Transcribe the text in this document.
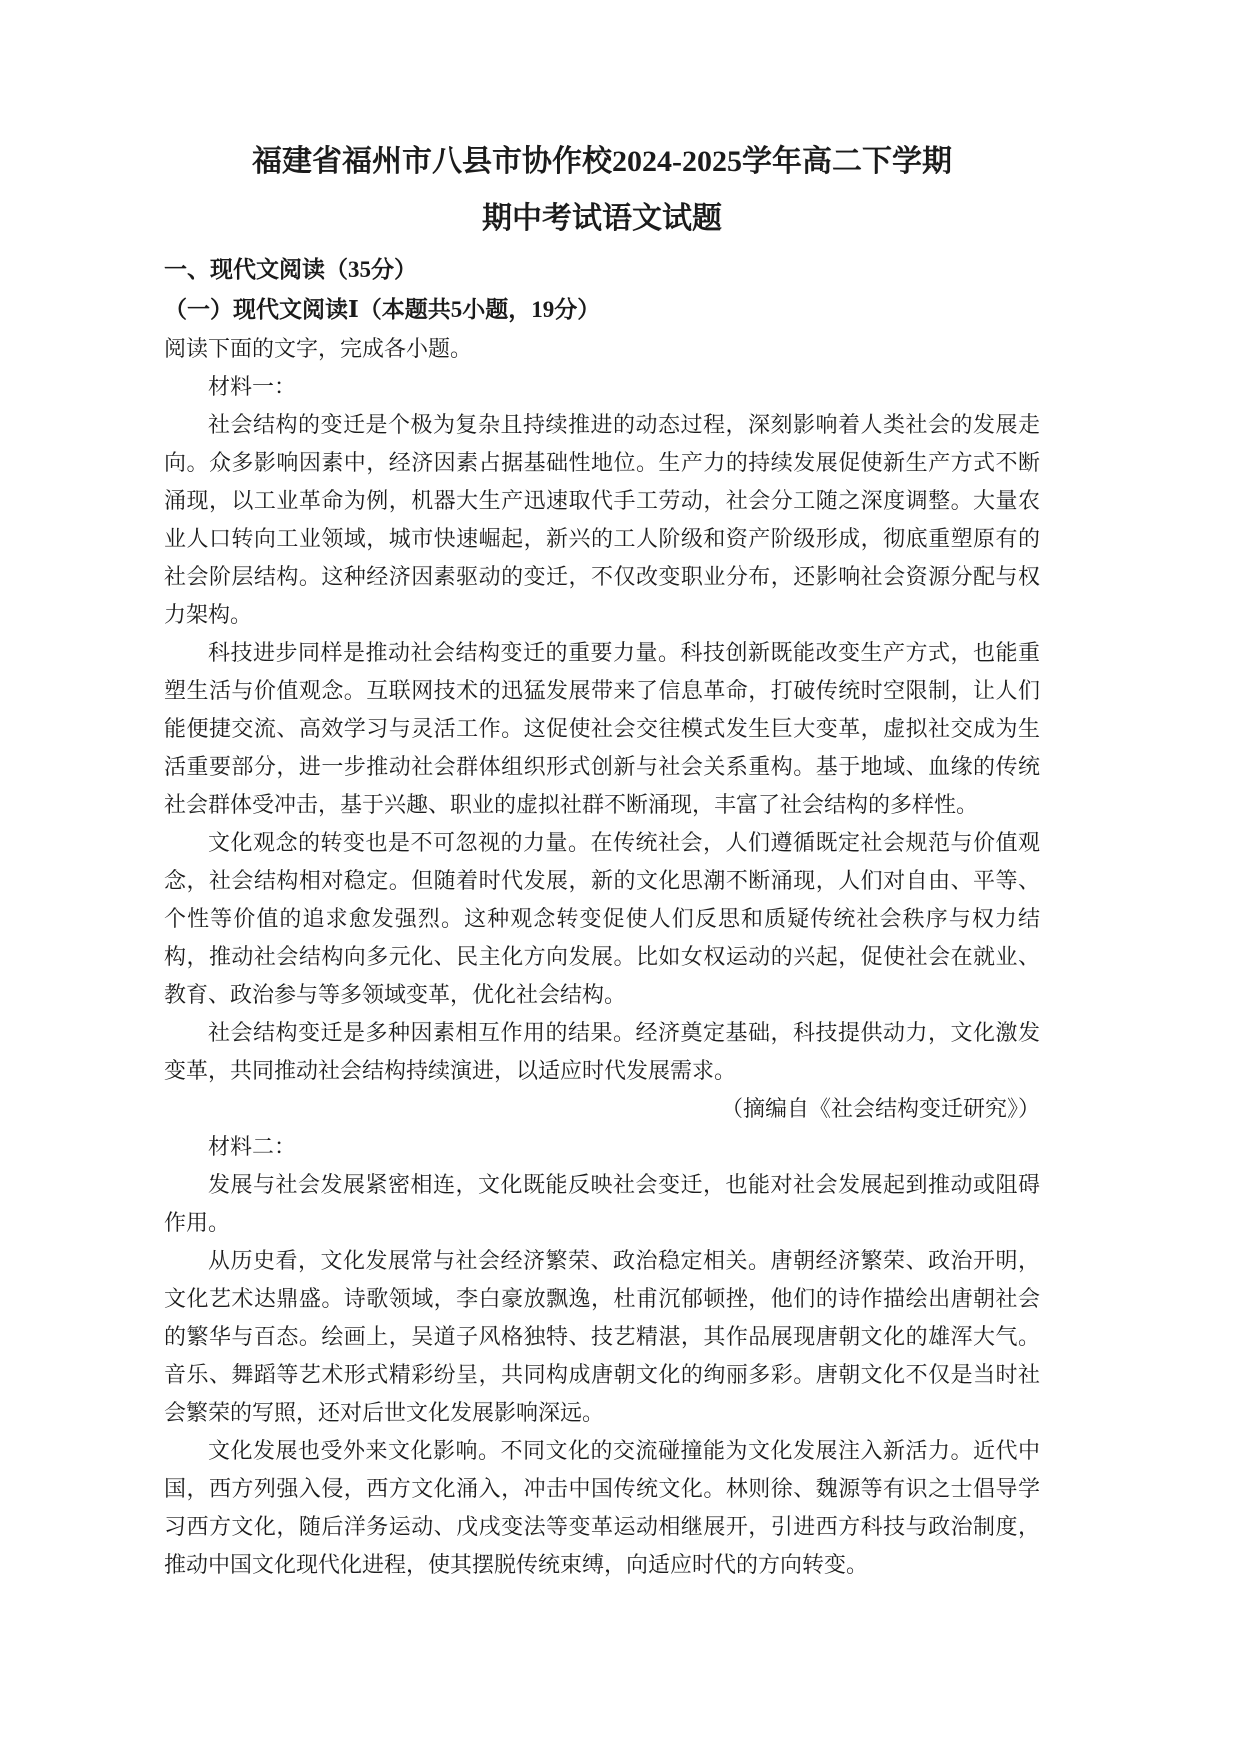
福建省福州市八县市协作校2024-2025学年高二下学期
期中考试语文试题
一、现代文阅读（35分）
（一）现代文阅读Ⅰ（本题共5小题，19分）

阅读下面的文字，完成各小题。

材料一：

社会结构的变迁是个极为复杂且持续推进的动态过程，深刻影响着人类社会的发展走向。众多影响因素中，经济因素占据基础性地位。生产力的持续发展促使新生产方式不断涌现，以工业革命为例，机器大生产迅速取代手工劳动，社会分工随之深度调整。大量农业人口转向工业领域，城市快速崛起，新兴的工人阶级和资产阶级形成，彻底重塑原有的社会阶层结构。这种经济因素驱动的变迁，不仅改变职业分布，还影响社会资源分配与权力架构。

科技进步同样是推动社会结构变迁的重要力量。科技创新既能改变生产方式，也能重塑生活与价值观念。互联网技术的迅猛发展带来了信息革命，打破传统时空限制，让人们能便捷交流、高效学习与灵活工作。这促使社会交往模式发生巨大变革，虚拟社交成为生活重要部分，进一步推动社会群体组织形式创新与社会关系重构。基于地域、血缘的传统社会群体受冲击，基于兴趣、职业的虚拟社群不断涌现，丰富了社会结构的多样性。

文化观念的转变也是不可忽视的力量。在传统社会，人们遵循既定社会规范与价值观念，社会结构相对稳定。但随着时代发展，新的文化思潮不断涌现，人们对自由、平等、个性等价值的追求愈发强烈。这种观念转变促使人们反思和质疑传统社会秩序与权力结构，推动社会结构向多元化、民主化方向发展。比如女权运动的兴起，促使社会在就业、教育、政治参与等多领域变革，优化社会结构。

社会结构变迁是多种因素相互作用的结果。经济奠定基础，科技提供动力，文化激发变革，共同推动社会结构持续演进，以适应时代发展需求。

（摘编自《社会结构变迁研究》）

材料二：

发展与社会发展紧密相连，文化既能反映社会变迁，也能对社会发展起到推动或阻碍作用。

从历史看，文化发展常与社会经济繁荣、政治稳定相关。唐朝经济繁荣、政治开明，文化艺术达鼎盛。诗歌领域，李白豪放飘逸，杜甫沉郁顿挫，他们的诗作描绘出唐朝社会的繁华与百态。绘画上，吴道子风格独特、技艺精湛，其作品展现唐朝文化的雄浑大气。音乐、舞蹈等艺术形式精彩纷呈，共同构成唐朝文化的绚丽多彩。唐朝文化不仅是当时社会繁荣的写照，还对后世文化发展影响深远。

文化发展也受外来文化影响。不同文化的交流碰撞能为文化发展注入新活力。近代中国，西方列强入侵，西方文化涌入，冲击中国传统文化。林则徐、魏源等有识之士倡导学习西方文化，随后洋务运动、戊戌变法等变革运动相继展开，引进西方科技与政治制度，推动中国文化现代化进程，使其摆脱传统束缚，向适应时代的方向转变。
